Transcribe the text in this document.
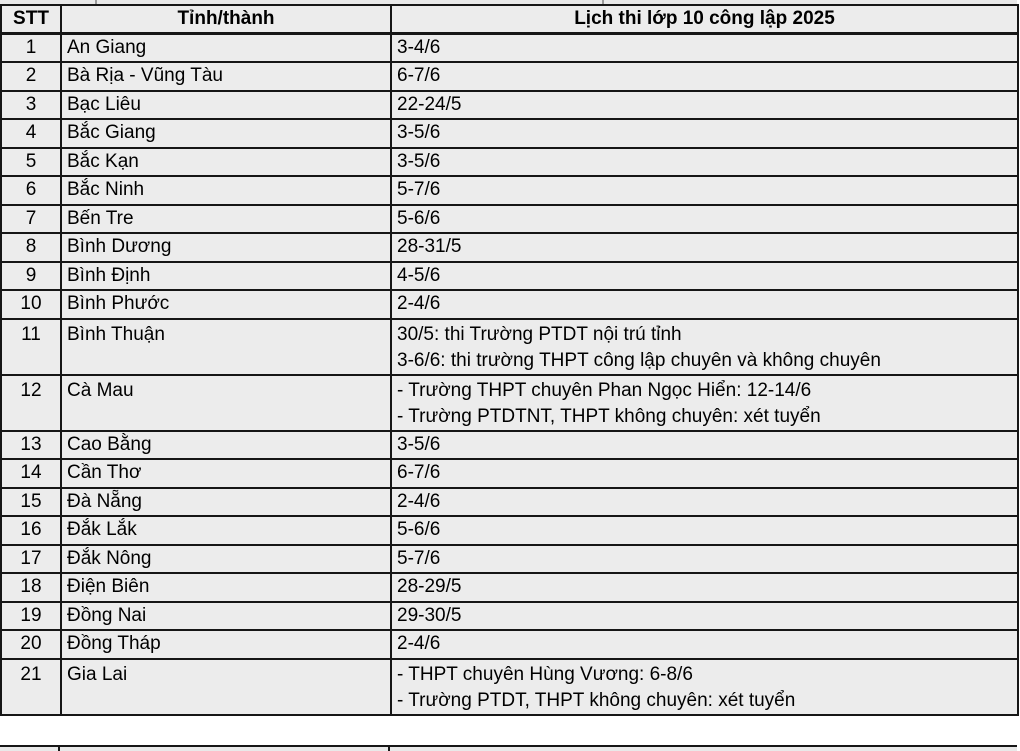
STT	Tỉnh/thành	Lịch thi lớp 10 công lập 2025
1	An Giang	3-4/6
2	Bà Rịa - Vũng Tàu	6-7/6
3	Bạc Liêu	22-24/5
4	Bắc Giang	3-5/6
5	Bắc Kạn	3-5/6
6	Bắc Ninh	5-7/6
7	Bến Tre	5-6/6
8	Bình Dương	28-31/5
9	Bình Định	4-5/6
10	Bình Phước	2-4/6
11	Bình Thuận	30/5: thi Trường PTDT nội trú tỉnh
3-6/6: thi trường THPT công lập chuyên và không chuyên

12	Cà Mau	- Trường THPT chuyên Phan Ngọc Hiển: 12-14/6
- Trường PTDTNT, THPT không chuyên: xét tuyển

13	Cao Bằng	3-5/6
14	Cần Thơ	6-7/6
15	Đà Nẵng	2-4/6
16	Đắk Lắk	5-6/6
17	Đắk Nông	5-7/6
18	Điện Biên	28-29/5
19	Đồng Nai	29-30/5
20	Đồng Tháp	2-4/6
21	Gia Lai	- THPT chuyên Hùng Vương: 6-8/6
- Trường PTDT, THPT không chuyên: xét tuyển
